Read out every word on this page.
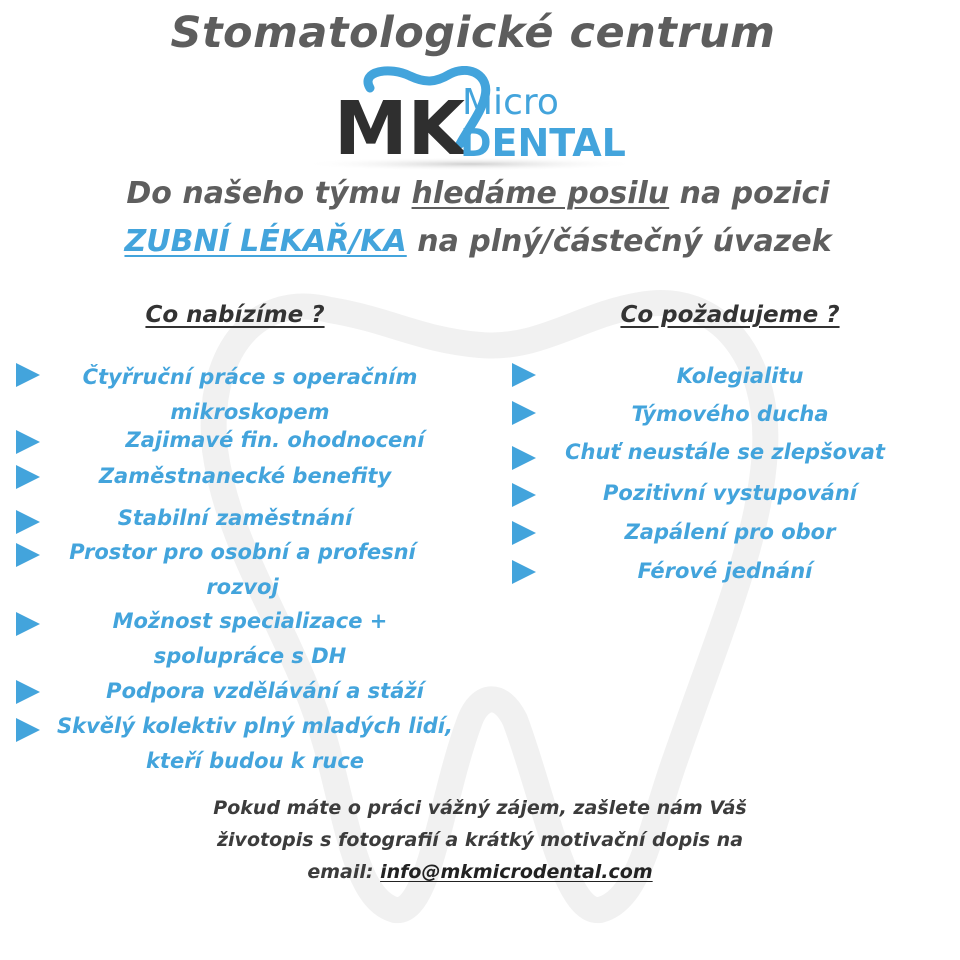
Stomatologické centrum
MK
Micro
DENTAL
Do našeho týmu hledáme posilu na pozici
ZUBNÍ LÉKAŘ/KA na plný/částečný úvazek
Co nabízíme ?	Co požadujeme ?
Čtyřruční práce s operačním
mikroskopem
Zajimavé fin. ohodnocení
Zaměstnanecké benefity
Stabilní zaměstnání
Prostor pro osobní a profesní
rozvoj
Možnost specializace +
spolupráce s DH
Podpora vzdělávání a stáží
Skvělý kolektiv plný mladých lidí,
kteří budou k ruce
Kolegialitu
Týmového ducha
Chuť neustále se zlepšovat
Pozitivní vystupování
Zapálení pro obor
Férové jednání
Pokud máte o práci vážný zájem, zašlete nám Váš
životopis s fotografií a krátký motivační dopis na
email: info@mkmicrodental.com
